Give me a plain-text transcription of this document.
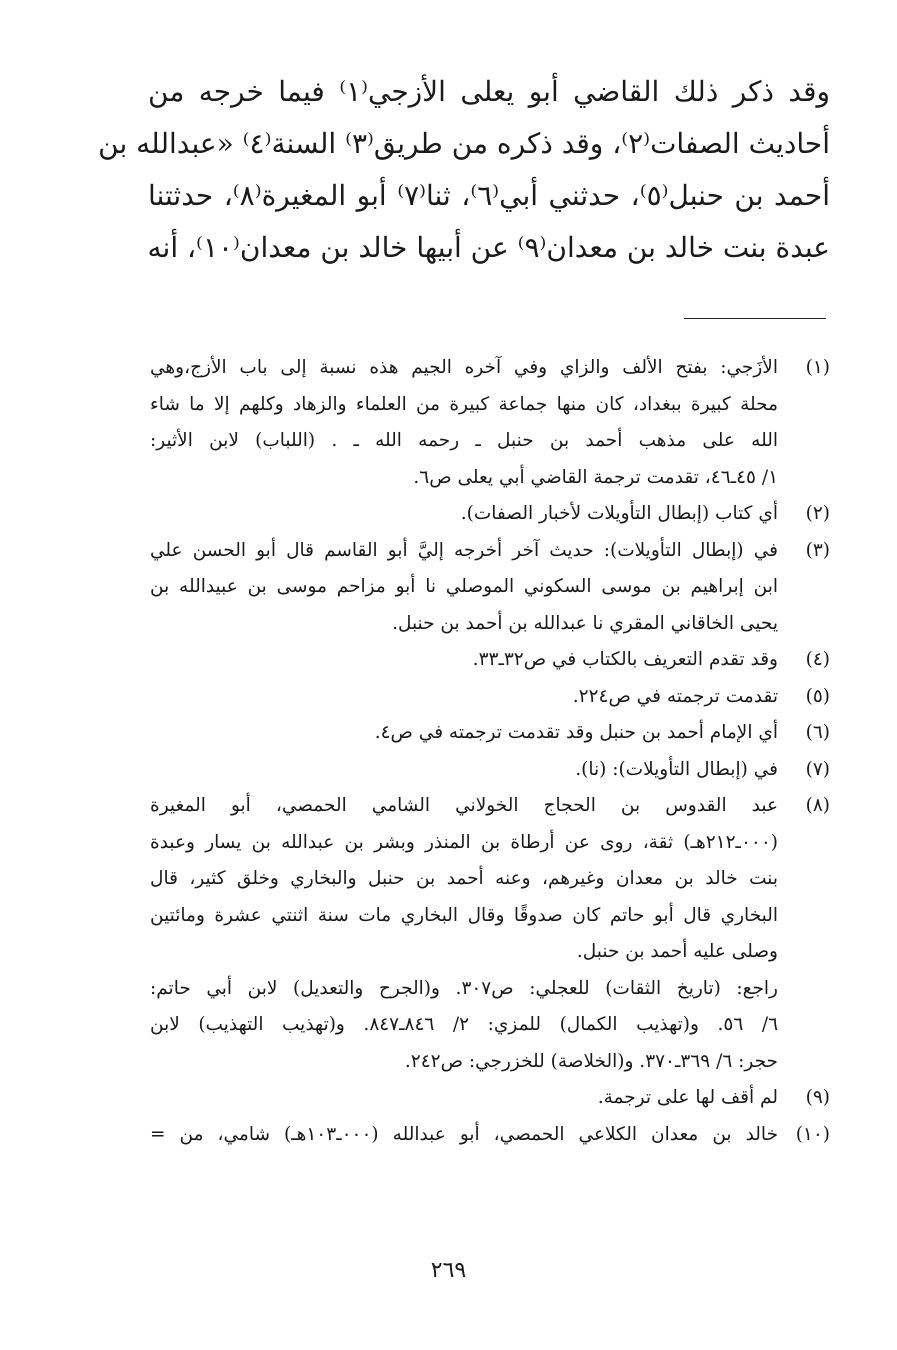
وقد ذكر ذلك القاضي أبو يعلى الأزجي⁽١⁾ فيما خرجه من
أحاديث الصفات⁽٢⁾، وقد ذكره من طريق⁽٣⁾ السنة⁽٤⁾ «عبدالله بن
أحمد بن حنبل⁽٥⁾، حدثني أبي⁽٦⁾، ثنا⁽٧⁾ أبو المغيرة⁽٨⁾، حدثتنا
عبدة بنت خالد بن معدان⁽٩⁾ عن أبيها خالد بن معدان⁽١٠⁾، أنه
(١)
الأزَجي: بفتح الألف والزاي وفي آخره الجيم هذه نسبة إلى باب الأزج،وهي
محلة كبيرة ببغداد، كان منها جماعة كبيرة من العلماء والزهاد وكلهم إلا ما شاء
الله على مذهب أحمد بن حنبل ـ رحمه الله ـ . (اللباب) لابن الأثير:
١/ ٤٥ـ٤٦، تقدمت ترجمة القاضي أبي يعلى ص٦.
(٢)
أي كتاب (إبطال التأويلات لأخبار الصفات).
(٣)
في (إبطال التأويلات): حديث آخر أخرجه إليَّ أبو القاسم قال أبو الحسن علي
ابن إبراهيم بن موسى السكوني الموصلي نا أبو مزاحم موسى بن عبيدالله بن
يحيى الخاقاني المقري نا عبدالله بن أحمد بن حنبل.
(٤)
وقد تقدم التعريف بالكتاب في ص٣٢ـ٣٣.
(٥)
تقدمت ترجمته في ص٢٢٤.
(٦)
أي الإمام أحمد بن حنبل وقد تقدمت ترجمته في ص٤.
(٧)
في (إبطال التأويلات): (نا).
(٨)
عبد القدوس بن الحجاج الخولاني الشامي الحمصي، أبو المغيرة
(٠٠٠ـ٢١٢هـ) ثقة، روى عن أرطاة بن المنذر وبشر بن عبدالله بن يسار وعبدة
بنت خالد بن معدان وغيرهم، وعنه أحمد بن حنبل والبخاري وخلق كثير، قال
البخاري قال أبو حاتم كان صدوقًا وقال البخاري مات سنة اثنتي عشرة ومائتين
وصلى عليه أحمد بن حنبل.
راجع: (تاريخ الثقات) للعجلي: ص٣٠٧. و(الجرح والتعديل) لابن أبي حاتم:
٦/ ٥٦. و(تهذيب الكمال) للمزي: ٢/ ٨٤٦ـ٨٤٧. و(تهذيب التهذيب) لابن
حجر: ٦/ ٣٦٩ـ٣٧٠. و(الخلاصة) للخزرجي: ص٢٤٢.
(٩)
لم أقف لها على ترجمة.
(١٠)
خالد بن معدان الكلاعي الحمصي، أبو عبدالله (٠٠٠ـ١٠٣هـ) شامي، من =
٢٦٩
